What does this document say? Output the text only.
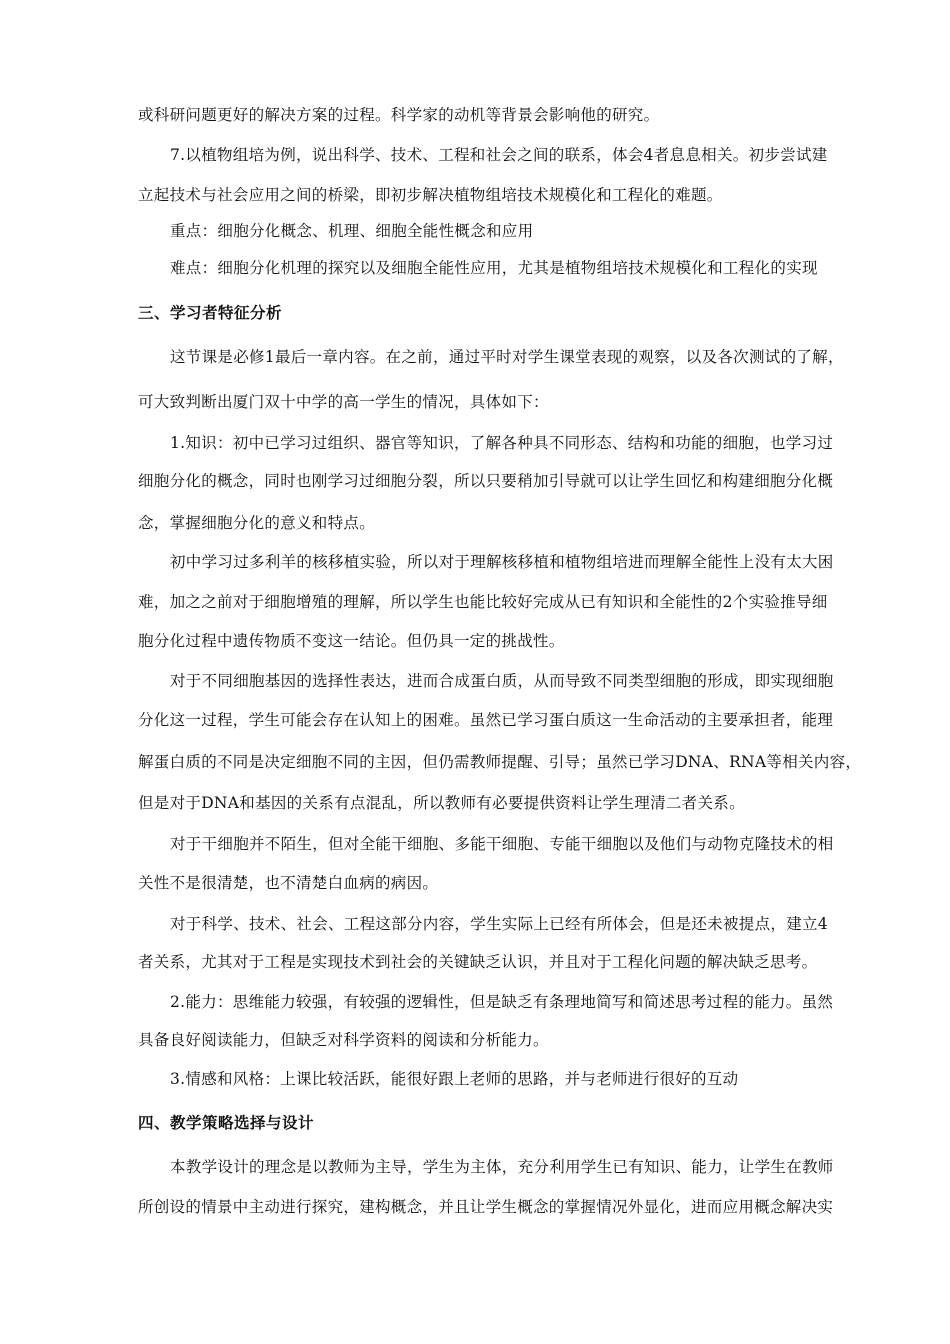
或科研问题更好的解决方案的过程。科学家的动机等背景会影响他的研究。
7.以植物组培为例，说出科学、技术、工程和社会之间的联系，体会4者息息相关。初步尝试建
立起技术与社会应用之间的桥梁，即初步解决植物组培技术规模化和工程化的难题。
重点：细胞分化概念、机理、细胞全能性概念和应用
难点：细胞分化机理的探究以及细胞全能性应用，尤其是植物组培技术规模化和工程化的实现
三、学习者特征分析
这节课是必修1最后一章内容。在之前，通过平时对学生课堂表现的观察，以及各次测试的了解，
可大致判断出厦门双十中学的高一学生的情况，具体如下：
1.知识：初中已学习过组织、器官等知识，了解各种具不同形态、结构和功能的细胞，也学习过
细胞分化的概念，同时也刚学习过细胞分裂，所以只要稍加引导就可以让学生回忆和构建细胞分化概
念，掌握细胞分化的意义和特点。
初中学习过多利羊的核移植实验，所以对于理解核移植和植物组培进而理解全能性上没有太大困
难，加之之前对于细胞增殖的理解，所以学生也能比较好完成从已有知识和全能性的2个实验推导细
胞分化过程中遗传物质不变这一结论。但仍具一定的挑战性。
对于不同细胞基因的选择性表达，进而合成蛋白质，从而导致不同类型细胞的形成，即实现细胞
分化这一过程，学生可能会存在认知上的困难。虽然已学习蛋白质这一生命活动的主要承担者，能理
解蛋白质的不同是决定细胞不同的主因，但仍需教师提醒、引导；虽然已学习DNA、RNA等相关内容，
但是对于DNA和基因的关系有点混乱，所以教师有必要提供资料让学生理清二者关系。
对于干细胞并不陌生，但对全能干细胞、多能干细胞、专能干细胞以及他们与动物克隆技术的相
关性不是很清楚，也不清楚白血病的病因。
对于科学、技术、社会、工程这部分内容，学生实际上已经有所体会，但是还未被提点，建立4
者关系，尤其对于工程是实现技术到社会的关键缺乏认识，并且对于工程化问题的解决缺乏思考。
2.能力：思维能力较强，有较强的逻辑性，但是缺乏有条理地简写和简述思考过程的能力。虽然
具备良好阅读能力，但缺乏对科学资料的阅读和分析能力。
3.情感和风格：上课比较活跃，能很好跟上老师的思路，并与老师进行很好的互动
四、教学策略选择与设计
本教学设计的理念是以教师为主导，学生为主体，充分利用学生已有知识、能力，让学生在教师
所创设的情景中主动进行探究，建构概念，并且让学生概念的掌握情况外显化，进而应用概念解决实
